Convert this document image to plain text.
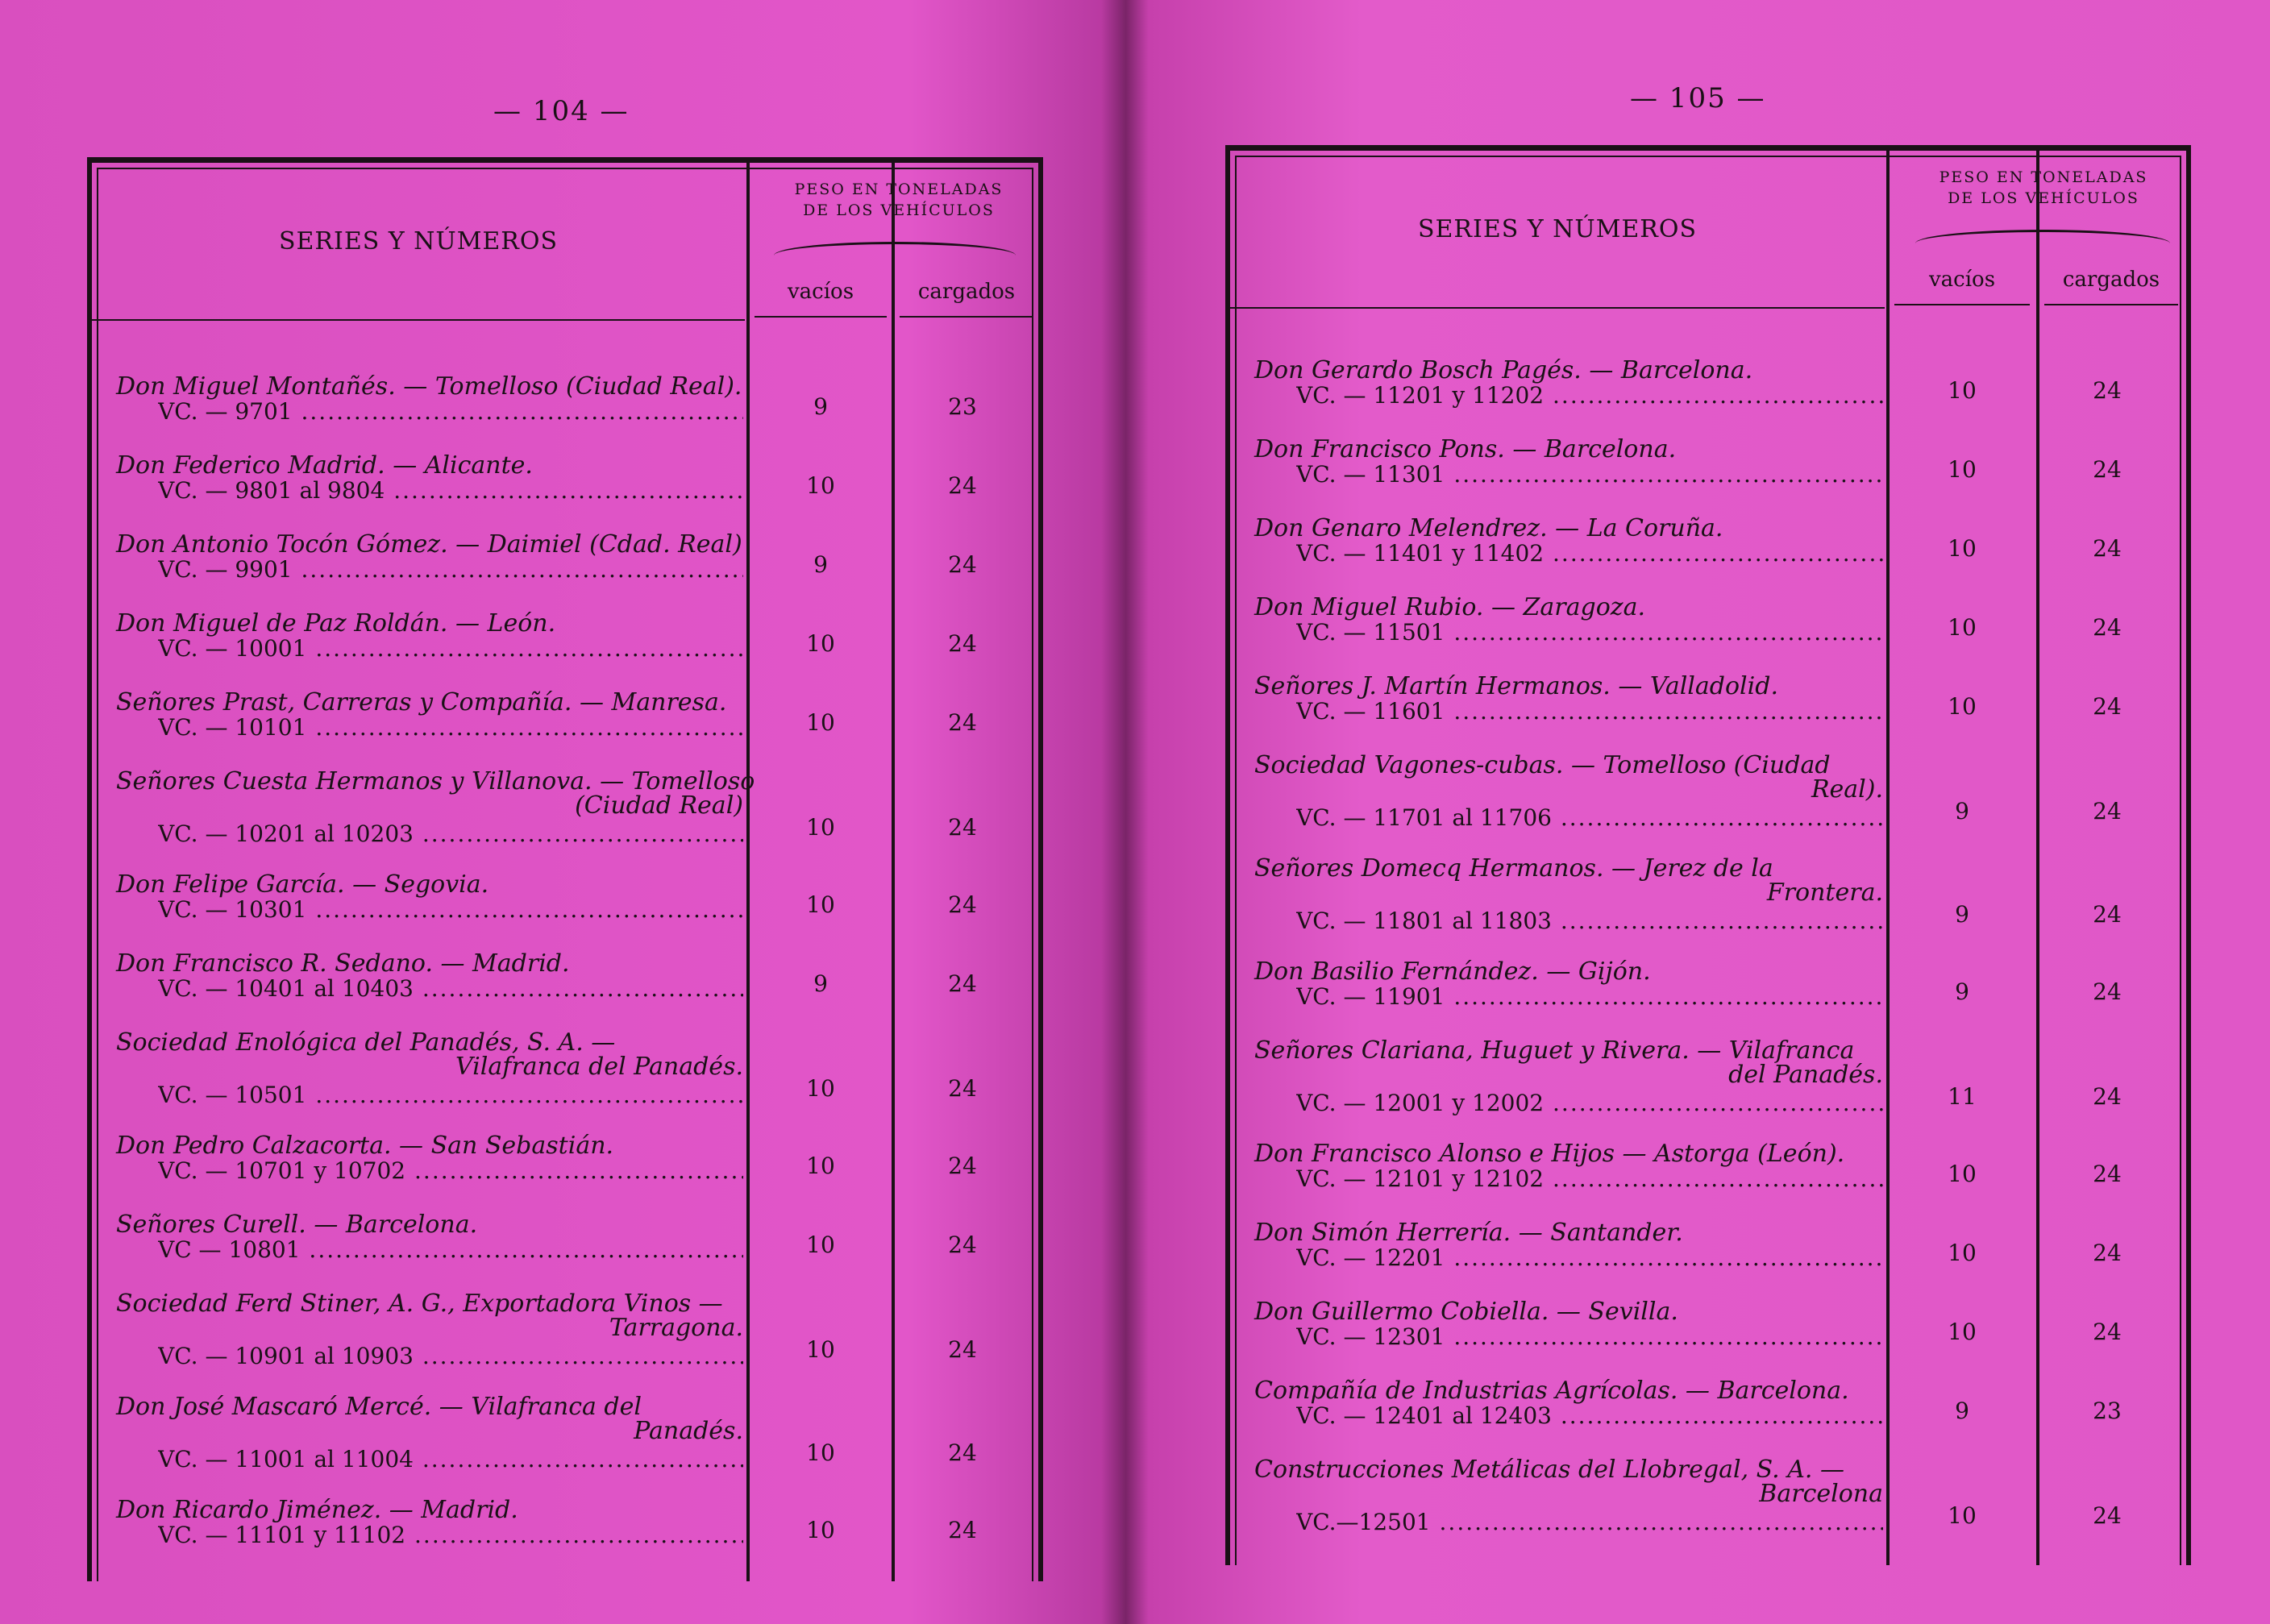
— 104 —
SERIES Y NÚMEROS
PESO EN TONELADAS
DE LOS VEHÍCULOS
vacíos	cargados
Don Miguel Montañés. — Tomelloso (Ciudad Real).
VC. — 9701 .....	9	23
Don Federico Madrid. — Alicante.
VC. — 9801 al 9804 .....	10	24
Don Antonio Tocón Gómez. — Daimiel (Cdad. Real)
VC. — 9901 .....	9	24
Don Miguel de Paz Roldán. — León.
VC. — 10001 .....	10	24
Señores Prast, Carreras y Compañía. — Manresa.
VC. — 10101 .....	10	24
Señores Cuesta Hermanos y Villanova. — Tomelloso
(Ciudad Real)
VC. — 10201 al 10203 .....	10	24
Don Felipe García. — Segovia.
VC. — 10301 .....	10	24
Don Francisco R. Sedano. — Madrid.
VC. — 10401 al 10403 .....	9	24
Sociedad Enológica del Panadés, S. A. —
Vilafranca del Panadés.
VC. — 10501 .....	10	24
Don Pedro Calzacorta. — San Sebastián.
VC. — 10701 y 10702 .....	10	24
Señores Curell. — Barcelona.
VC — 10801 .....	10	24
Sociedad Ferd Stiner, A. G., Exportadora Vinos —
Tarragona.
VC. — 10901 al 10903 .....	10	24
Don José Mascaró Mercé. — Vilafranca del
Panadés.
VC. — 11001 al 11004 .....	10	24
Don Ricardo Jiménez. — Madrid.
VC. — 11101 y 11102 .....	10	24
— 105 —
SERIES Y NÚMEROS
PESO EN TONELADAS
DE LOS VEHÍCULOS
vacíos	cargados
Don Gerardo Bosch Pagés. — Barcelona.
VC. — 11201 y 11202 .....	10	24
Don Francisco Pons. — Barcelona.
VC. — 11301 .....	10	24
Don Genaro Melendrez. — La Coruña.
VC. — 11401 y 11402 .....	10	24
Don Miguel Rubio. — Zaragoza.
VC. — 11501 .....	10	24
Señores J. Martín Hermanos. — Valladolid.
VC. — 11601 .....	10	24
Sociedad Vagones-cubas. — Tomelloso (Ciudad
Real).
VC. — 11701 al 11706 .....	9	24
Señores Domecq Hermanos. — Jerez de la
Frontera.
VC. — 11801 al 11803 .....	9	24
Don Basilio Fernández. — Gijón.
VC. — 11901 .....	9	24
Señores Clariana, Huguet y Rivera. — Vilafranca
del Panadés.
VC. — 12001 y 12002 .....	11	24
Don Francisco Alonso e Hijos — Astorga (León).
VC. — 12101 y 12102 .....	10	24
Don Simón Herrería. — Santander.
VC. — 12201 .....	10	24
Don Guillermo Cobiella. — Sevilla.
VC. — 12301 .....	10	24
Compañía de Industrias Agrícolas. — Barcelona.
VC. — 12401 al 12403 .....	9	23
Construcciones Metálicas del Llobregal, S. A. —
Barcelona
VC.—12501 .....	10	24
